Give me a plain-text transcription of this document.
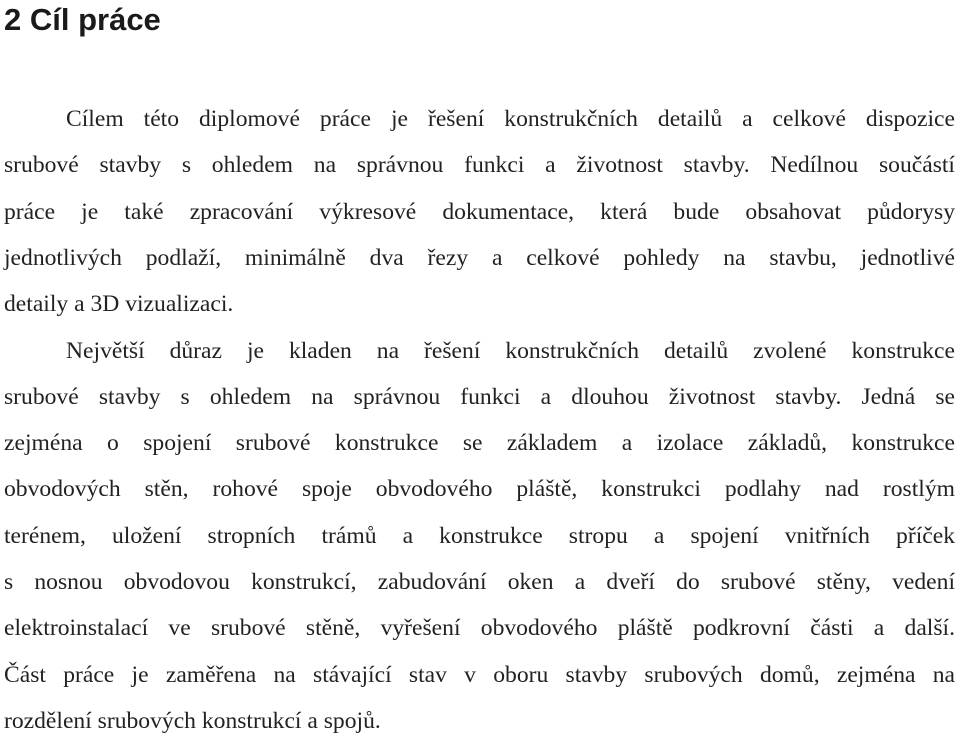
2 Cíl práce

Cílem této diplomové práce je řešení konstrukčních detailů a celkové dispozice

srubové stavby s ohledem na správnou funkci a životnost stavby. Nedílnou součástí

práce je také zpracování výkresové dokumentace, která bude obsahovat půdorysy

jednotlivých podlaží, minimálně dva řezy a celkové pohledy na stavbu, jednotlivé

detaily a 3D vizualizaci.

Největší důraz je kladen na řešení konstrukčních detailů zvolené konstrukce

srubové stavby s ohledem na správnou funkci a dlouhou životnost stavby. Jedná se

zejména o spojení srubové konstrukce se základem a izolace základů, konstrukce

obvodových stěn, rohové spoje obvodového pláště, konstrukci podlahy nad rostlým

terénem, uložení stropních trámů a konstrukce stropu a spojení vnitřních příček

s nosnou obvodovou konstrukcí, zabudování oken a dveří do srubové stěny, vedení

elektroinstalací ve srubové stěně, vyřešení obvodového pláště podkrovní části a další.

Část práce je zaměřena na stávající stav v oboru stavby srubových domů, zejména na

rozdělení srubových konstrukcí a spojů.
